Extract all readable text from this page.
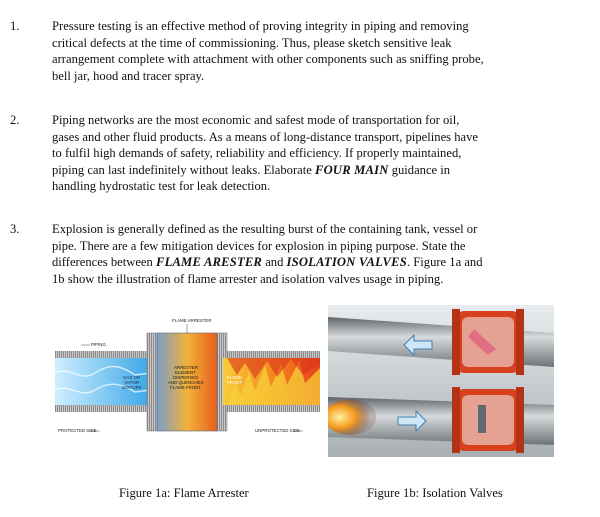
1.	Pressure testing is an effective method of proving integrity in piping and removing
critical defects at the time of commissioning. Thus, please sketch sensitive leak
arrangement complete with attachment with other components such as sniffing probe,
bell jar, hood and tracer spray.
2.	Piping networks are the most economic and safest mode of transportation for oil,
gases and other fluid products. As a means of long-distance transport, pipelines have
to fulfil high demands of safety, reliability and efficiency. If properly maintained,
piping can last indefinitely without leaks. Elaborate FOUR MAIN guidance in
handling hydrostatic test for leak detection.
3.	Explosion is generally defined as the resulting burst of the containing tank, vessel or
pipe. There are a few mitigation devices for explosion in piping purpose. State the
differences between FLAME ARESTER and ISOLATION VALVES. Figure 1a and
1b show the illustration of flame arrester and isolation valves usage in piping.
FLAME ARRESTER
PIPING
GAS OR
VAPOR
MIXTURE
ARRESTER
ELEMENT
DISPERSES
AND QUENCHES
FLAME FRONT
FLAME
FRONT
PROTECTED SIDE	UNPROTECTED SIDE
Figure 1a: Flame Arrester	Figure 1b: Isolation Valves
